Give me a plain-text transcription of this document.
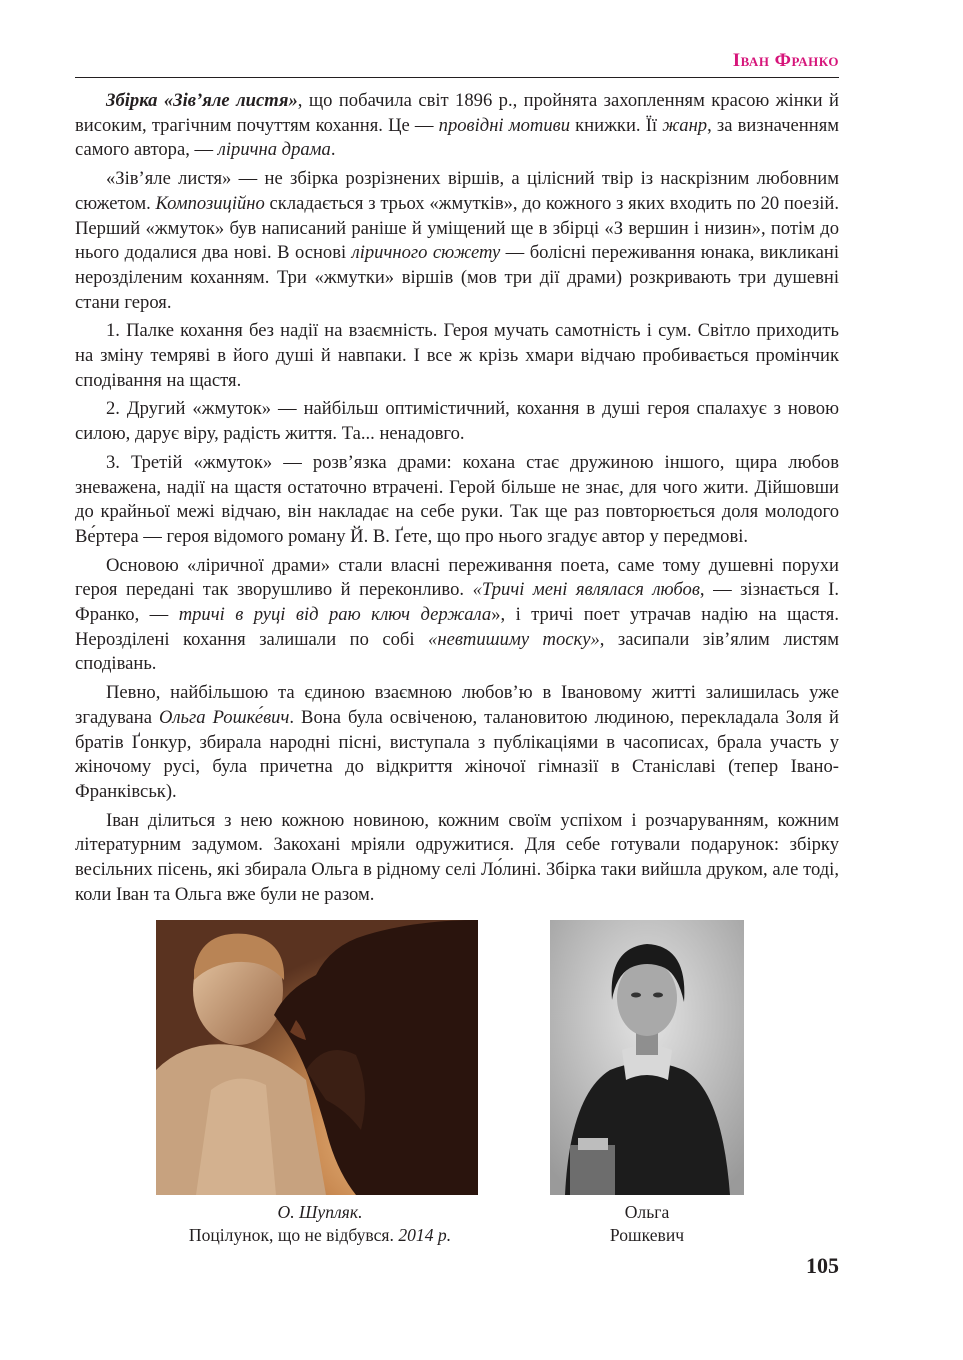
Іван Франко

Збірка «Зів’яле листя», що побачила світ 1896 р., пройнята захопленням красою жінки й високим, трагічним почуттям кохання. Це — провідні мотиви книжки. Її жанр, за визначенням самого автора, — лірична драма.

«Зів’яле листя» — не збірка розрізнених віршів, а цілісний твір із наскрізним любовним сюжетом. Композиційно складається з трьох «жмутків», до кожного з яких входить по 20 поезій. Перший «жмуток» був написаний раніше й уміщений ще в збірці «З вершин і низин», потім до нього додалися два нові. В основі ліричного сюжету — болісні переживання юнака, викликані нерозділеним коханням. Три «жмутки» віршів (мов три дії драми) розкривають три душевні стани героя.

1. Палке кохання без надії на взаємність. Героя мучать самотність і сум. Світло приходить на зміну темряві в його душі й навпаки. І все ж крізь хмари відчаю пробивається промінчик сподівання на щастя.

2. Другий «жмуток» — найбільш оптимістичний, кохання в душі героя спалахує з новою силою, дарує віру, радість життя. Та... ненадовго.

3. Третій «жмуток» — розв’язка драми: кохана стає дружиною іншого, щира любов зневажена, надії на щастя остаточно втрачені. Герой більше не знає, для чого жити. Дійшовши до крайньої межі відчаю, він накладає на себе руки. Так ще раз повторюється доля молодого Ве́ртера — героя відомого роману Й. В. Ґете, що про нього згадує автор у передмові.

Основою «ліричної драми» стали власні переживання поета, саме тому душевні порухи героя передані так зворушливо й переконливо. «Тричі мені являлася любов, — зізнається І. Франко, — тричі в руці від раю ключ держала», і тричі поет утрачав надію на щастя. Нерозділені кохання залишали по собі «невтишиму тоску», засипали зів’ялим листям сподівань.

Певно, найбільшою та єдиною взаємною любов’ю в Івановому житті залишилась уже згадувана Ольга Рошке́вич. Вона була освіченою, талановитою людиною, перекладала Золя й братів Ґонкур, збирала народні пісні, виступала з публікаціями в часописах, брала участь у жіночому русі, була причетна до відкриття жіночої гімназії в Станіславі (тепер Івано-Франківськ).

Іван ділиться з нею кожною новиною, кожним своїм успіхом і розчаруванням, кожним літературним задумом. Закохані мріяли одружитися. Для себе готували подарунок: збірку весільних пісень, які збирала Ольга в рідному селі Ло́лині. Збірка таки вийшла друком, але тоді, коли Іван та Ольга вже були не разом.

О. Шупляк.
Поцілунок, що не відбувся. 2014 р.
Ольга
Рошкевич
105
